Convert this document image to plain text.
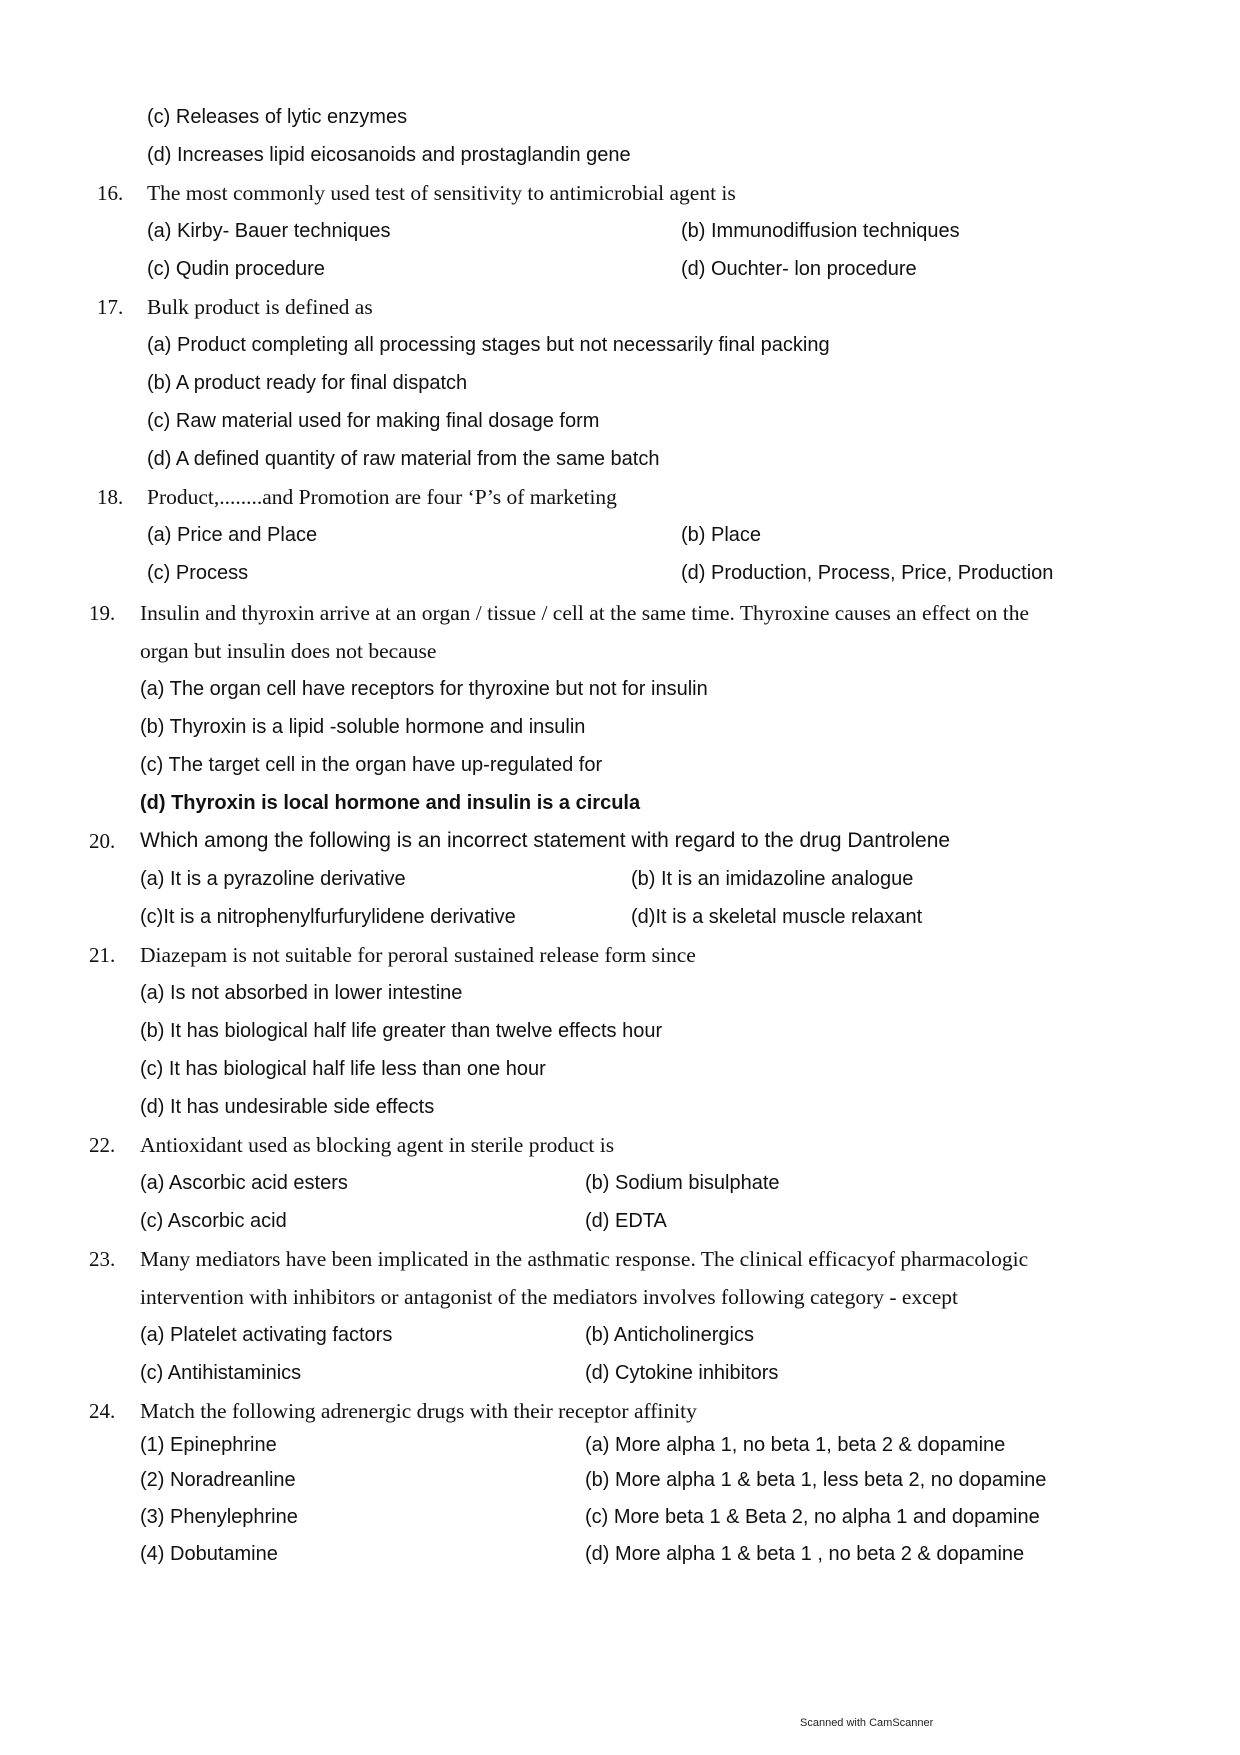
(c) Releases of lytic enzymes
(d) Increases lipid eicosanoids and prostaglandin gene
16. The most commonly used test of sensitivity to antimicrobial agent is
(a) Kirby- Bauer techniques	(b) Immunodiffusion techniques
(c) Qudin procedure	(d) Ouchter- lon procedure
17. Bulk product is defined as
(a) Product completing all processing stages but not necessarily final packing
(b) A product ready for final dispatch
(c) Raw material used for making final dosage form
(d) A defined quantity of raw material from the same batch
18. Product,........and Promotion are four ‘P’s of marketing
(a) Price and Place	(b) Place
(c) Process	(d) Production, Process, Price, Production
19. Insulin and thyroxin arrive at an organ / tissue / cell at the same time. Thyroxine causes an effect on the
organ but insulin does not because
(a) The organ cell have receptors for thyroxine but not for insulin
(b) Thyroxin is a lipid -soluble hormone and insulin
(c) The target cell in the organ have up-regulated for
(d) Thyroxin is local hormone and insulin is a circula
20. Which among the following is an incorrect statement with regard to the drug Dantrolene
(a) It is a pyrazoline derivative	(b) It is an imidazoline analogue
(c)It is a nitrophenylfurfurylidene derivative	(d)It is a skeletal muscle relaxant
21. Diazepam is not suitable for peroral sustained release form since
(a) Is not absorbed in lower intestine
(b) It has biological half life greater than twelve effects hour
(c) It has biological half life less than one hour
(d) It has undesirable side effects
22. Antioxidant used as blocking agent in sterile product is
(a) Ascorbic acid esters	(b) Sodium bisulphate
(c) Ascorbic acid	(d) EDTA
23. Many mediators have been implicated in the asthmatic response. The clinical efficacyof pharmacologic
intervention with inhibitors or antagonist of the mediators involves following category - except
(a) Platelet activating factors	(b) Anticholinergics
(c) Antihistaminics	(d) Cytokine inhibitors
24. Match the following adrenergic drugs with their receptor affinity
(1) Epinephrine	(a) More alpha 1, no beta 1, beta 2 & dopamine
(2) Noradreanline	(b) More alpha 1 & beta 1, less beta 2, no dopamine
(3) Phenylephrine	(c) More beta 1 & Beta 2, no alpha 1 and dopamine
(4) Dobutamine	(d) More alpha 1 & beta 1 , no beta 2 & dopamine
Scanned with CamScanner
